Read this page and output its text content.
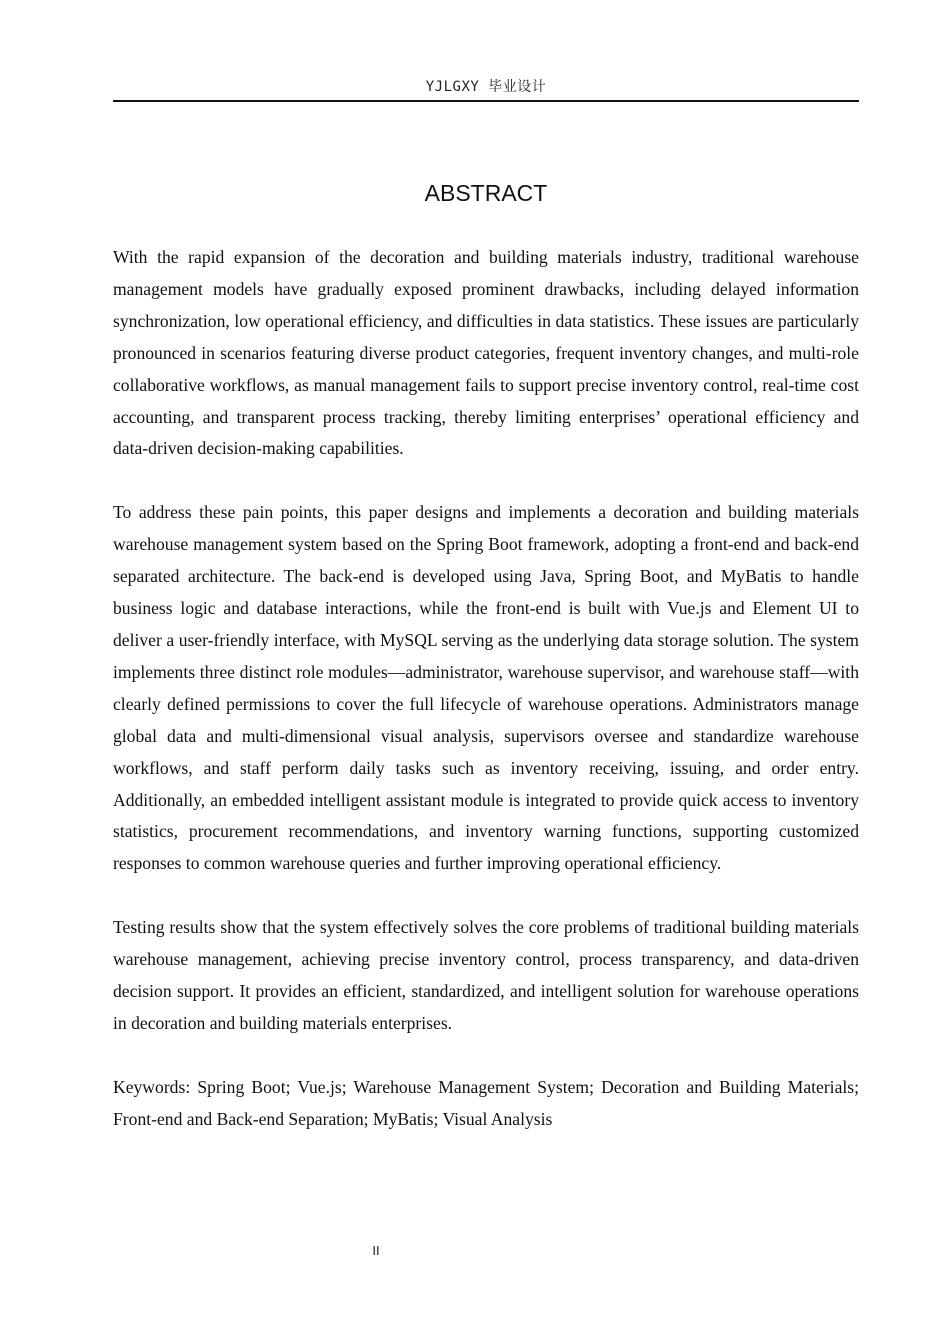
YJLGXY 毕业设计
ABSTRACT

With the rapid expansion of the decoration and building materials industry, traditional warehouse management models have gradually exposed prominent drawbacks, including delayed information synchronization, low operational efficiency, and difficulties in data statistics. These issues are particularly pronounced in scenarios featuring diverse product categories, frequent inventory changes, and multi-role collaborative workflows, as manual management fails to support precise inventory control, real-time cost accounting, and transparent process tracking, thereby limiting enterprises’ operational efficiency and data-driven decision-making capabilities.

To address these pain points, this paper designs and implements a decoration and building materials warehouse management system based on the Spring Boot framework, adopting a front-end and back-end separated architecture. The back-end is developed using Java, Spring Boot, and MyBatis to handle business logic and database interactions, while the front-end is built with Vue.js and Element UI to deliver a user-friendly interface, with MySQL serving as the underlying data storage solution. The system implements three distinct role modules—administrator, warehouse supervisor, and warehouse staff—with clearly defined permissions to cover the full lifecycle of warehouse operations. Administrators manage global data and multi-dimensional visual analysis, supervisors oversee and standardize warehouse workflows, and staff perform daily tasks such as inventory receiving, issuing, and order entry. Additionally, an embedded intelligent assistant module is integrated to provide quick access to inventory statistics, procurement recommendations, and inventory warning functions, supporting customized responses to common warehouse queries and further improving operational efficiency.

Testing results show that the system effectively solves the core problems of traditional building materials warehouse management, achieving precise inventory control, process transparency, and data-driven decision support. It provides an efficient, standardized, and intelligent solution for warehouse operations in decoration and building materials enterprises.

Keywords: Spring Boot; Vue.js; Warehouse Management System; Decoration and Building Materials; Front-end and Back-end Separation; MyBatis; Visual Analysis

II
